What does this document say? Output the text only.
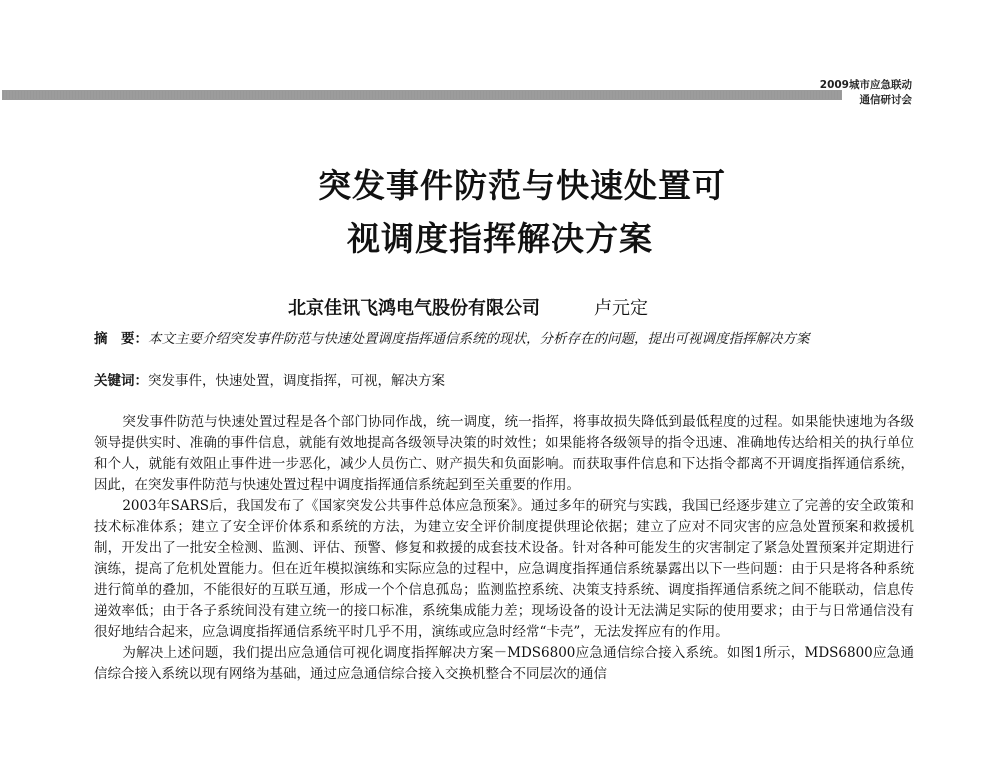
2009城市应急联动
通信研讨会
突发事件防范与快速处置可
视调度指挥解决方案
北京佳讯飞鸿电气股份有限公司	卢元定
摘　要：本文主要介绍突发事件防范与快速处置调度指挥通信系统的现状，分析存在的问题，提出可视调度指挥解决方案
关键词：突发事件，快速处置，调度指挥，可视，解决方案

突发事件防范与快速处置过程是各个部门协同作战，统一调度，统一指挥，将事故损失降低到最低程度的过程。如果能快速地为各级领导提供实时、准确的事件信息，就能有效地提高各级领导决策的时效性；如果能将各级领导的指令迅速、准确地传达给相关的执行单位和个人，就能有效阻止事件进一步恶化，减少人员伤亡、财产损失和负面影响。而获取事件信息和下达指令都离不开调度指挥通信系统，因此，在突发事件防范与快速处置过程中调度指挥通信系统起到至关重要的作用。

2003年SARS后，我国发布了《国家突发公共事件总体应急预案》。通过多年的研究与实践，我国已经逐步建立了完善的安全政策和技术标准体系；建立了安全评价体系和系统的方法，为建立安全评价制度提供理论依据；建立了应对不同灾害的应急处置预案和救援机制，开发出了一批安全检测、监测、评估、预警、修复和救援的成套技术设备。针对各种可能发生的灾害制定了紧急处置预案并定期进行演练，提高了危机处置能力。但在近年模拟演练和实际应急的过程中，应急调度指挥通信系统暴露出以下一些问题：由于只是将各种系统进行简单的叠加，不能很好的互联互通，形成一个个信息孤岛；监测监控系统、决策支持系统、调度指挥通信系统之间不能联动，信息传递效率低；由于各子系统间没有建立统一的接口标准，系统集成能力差；现场设备的设计无法满足实际的使用要求；由于与日常通信没有很好地结合起来，应急调度指挥通信系统平时几乎不用，演练或应急时经常“卡壳”，无法发挥应有的作用。

为解决上述问题，我们提出应急通信可视化调度指挥解决方案－MDS6800应急通信综合接入系统。如图1所示，MDS6800应急通信综合接入系统以现有网络为基础，通过应急通信综合接入交换机整合不同层次的通信
